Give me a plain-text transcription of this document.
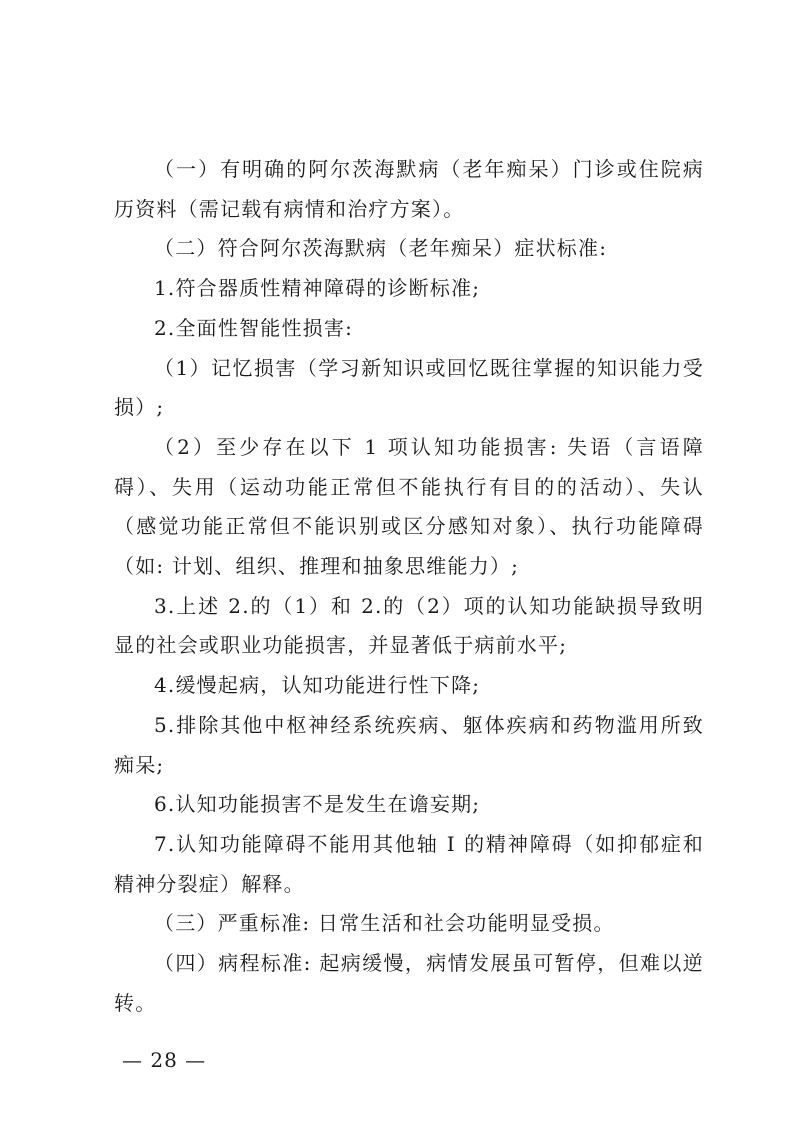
（一）有明确的阿尔茨海默病（老年痴呆）门诊或住院病历资料（需记载有病情和治疗方案）。

（二）符合阿尔茨海默病（老年痴呆）症状标准:

1.符合器质性精神障碍的诊断标准;

2.全面性智能性损害:

（1）记忆损害（学习新知识或回忆既往掌握的知识能力受损）;

（2）至少存在以下 1 项认知功能损害: 失语（言语障碍）、失用（运动功能正常但不能执行有目的的活动）、失认（感觉功能正常但不能识别或区分感知对象）、执行功能障碍（如: 计划、组织、推理和抽象思维能力）;

3.上述 2.的（1）和 2.的（2）项的认知功能缺损导致明显的社会或职业功能损害，并显著低于病前水平;

4.缓慢起病，认知功能进行性下降;

5.排除其他中枢神经系统疾病、躯体疾病和药物滥用所致痴呆;

6.认知功能损害不是发生在谵妄期;

7.认知功能障碍不能用其他轴 I 的精神障碍（如抑郁症和精神分裂症）解释。

（三）严重标准: 日常生活和社会功能明显受损。

（四）病程标准: 起病缓慢，病情发展虽可暂停，但难以逆转。

— 28 —
